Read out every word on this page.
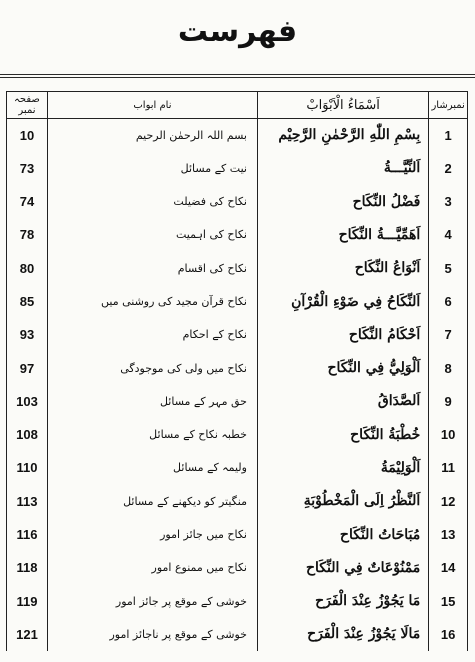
فهرست
نمبرشار	اَسْمَاءُ الْاَبْوَابْ	نام ابواب	صفحہ نمبر
1	بِسْمِ اللّٰهِ الرَّحْمٰنِ الرَّحِيْم	بسم اللہ الرحمٰن الرحیم	10
2	اَلنِّيَّـــةُ	نیت کے مسائل	73
3	فَضْلُ النِّكَاح	نکاح کی فضیلت	74
4	اَهَمِّيَّـــةُ النِّكَاح	نکاح کی اہمیت	78
5	اَنْوَاعُ النِّكَاح	نکاح کی اقسام	80
6	اَلنِّكَاحُ فِي ضَوْءِ الْقُرْآنِ	نکاح قرآن مجید کی روشنی میں	85
7	اَحْكَامُ النِّكَاح	نکاح کے احکام	93
8	اَلْوَلِيُّ فِي النِّكَاح	نکاح میں ولی کی موجودگی	97
9	اَلصَّدَاقُ	حق مہر کے مسائل	103
10	خُطْبَةُ النِّكَاح	خطبہ نکاح کے مسائل	108
11	اَلْوَلِيْمَةُ	ولیمہ کے مسائل	110
12	اَلنَّظْرُ اِلَى الْمَخْطُوْبَةِ	منگیتر کو دیکھنے کے مسائل	113
13	مُبَاحَاتُ النِّكَاح	نکاح میں جائز امور	116
14	مَمْنُوْعَاتٌ فِي النِّكَاح	نکاح میں ممنوع امور	118
15	مَا يَجُوْزُ عِنْدَ الْفَرَح	خوشی کے موقع پر جائز امور	119
16	مَالَا يَجُوْزُ عِنْدَ الْفَرَح	خوشی کے موقع پر ناجائز امور	121
